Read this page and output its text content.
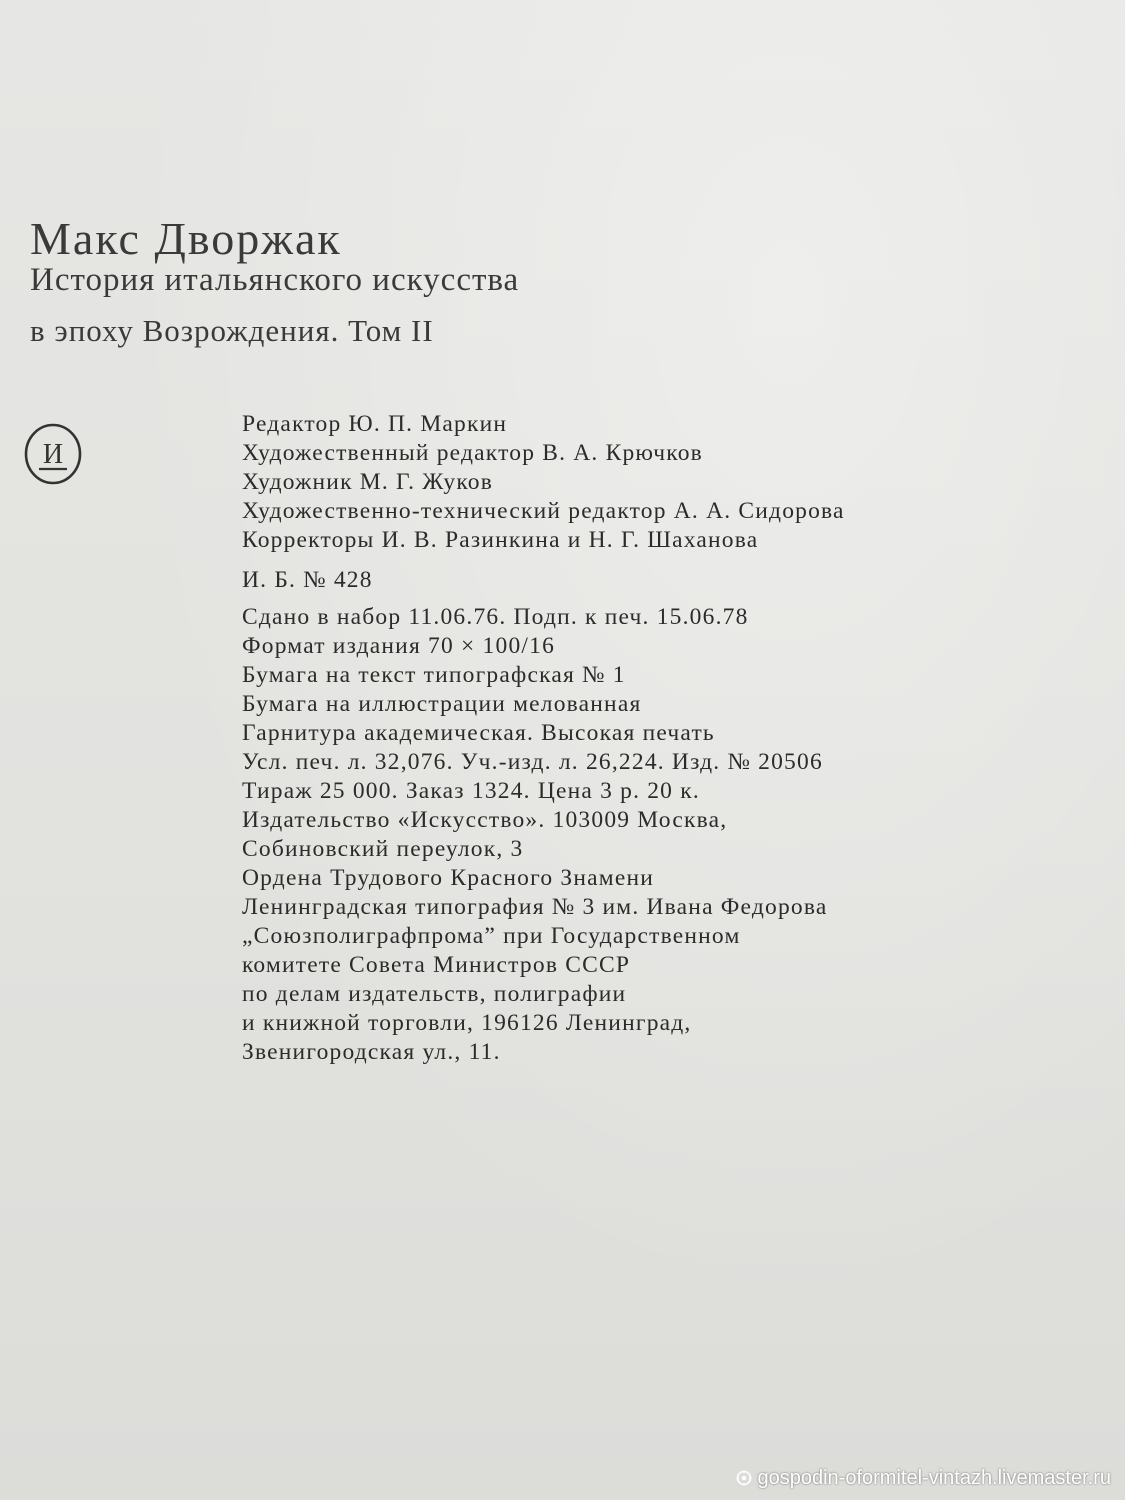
Макс Дворжак
История итальянского искусства
в эпоху Возрождения. Том II
И
Редактор Ю. П. Маркин
Художественный редактор В. А. Крючков
Художник М. Г. Жуков
Художественно-технический редактор А. А. Сидорова
Корректоры И. В. Разинкина и Н. Г. Шаханова
И. Б. № 428
Сдано в набор 11.06.76. Подп. к печ. 15.06.78
Формат издания 70 × 100/16
Бумага на текст типографская № 1
Бумага на иллюстрации мелованная
Гарнитура академическая. Высокая печать
Усл. печ. л. 32,076. Уч.-изд. л. 26,224. Изд. № 20506
Тираж 25 000. Заказ 1324. Цена 3 р. 20 к.
Издательство «Искусство». 103009 Москва,
Собиновский переулок, 3
Ордена Трудового Красного Знамени
Ленинградская типография № 3 им. Ивана Федорова
„Союзполиграфпрома” при Государственном
комитете Совета Министров СССР
по делам издательств, полиграфии
и книжной торговли, 196126 Ленинград,
Звенигородская ул., 11.
gospodin-oformitel-vintazh.livemaster.ru
